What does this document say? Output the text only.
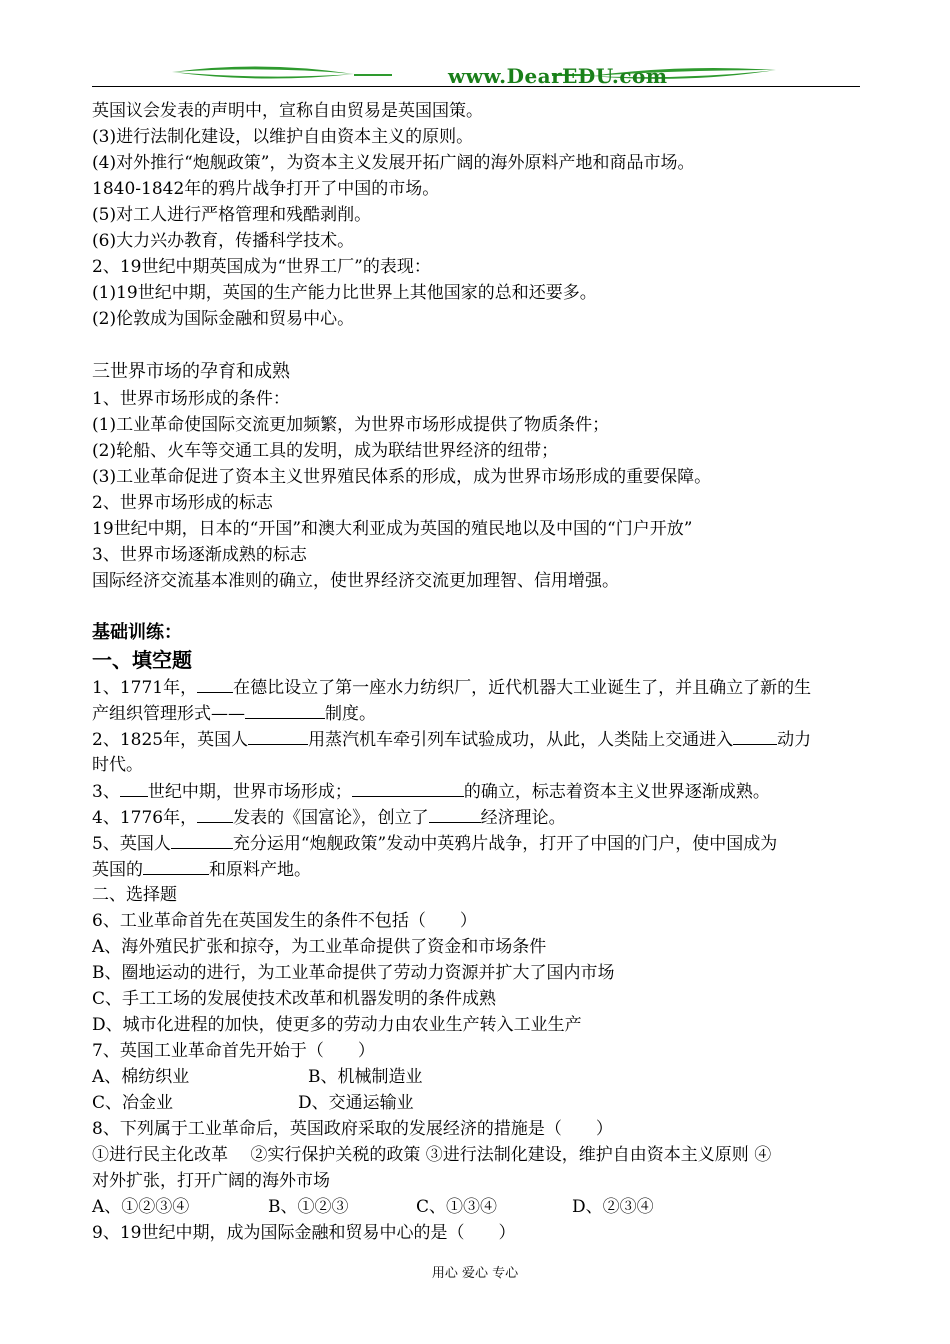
www.DearEDU.com
英国议会发表的声明中，宣称自由贸易是英国国策。
(3)进行法制化建设，以维护自由资本主义的原则。
(4)对外推行“炮舰政策”，为资本主义发展开拓广阔的海外原料产地和商品市场。
1840-1842年的鸦片战争打开了中国的市场。
(5)对工人进行严格管理和残酷剥削。
(6)大力兴办教育，传播科学技术。
2、19世纪中期英国成为“世界工厂”的表现：
(1)19世纪中期，英国的生产能力比世界上其他国家的总和还要多。
(2)伦敦成为国际金融和贸易中心。
三世界市场的孕育和成熟
1、世界市场形成的条件：
(1)工业革命使国际交流更加频繁，为世界市场形成提供了物质条件；
(2)轮船、火车等交通工具的发明，成为联结世界经济的纽带；
(3)工业革命促进了资本主义世界殖民体系的形成，成为世界市场形成的重要保障。
2、世界市场形成的标志
19世纪中期，日本的“开国”和澳大利亚成为英国的殖民地以及中国的“门户开放”
3、世界市场逐渐成熟的标志
国际经济交流基本准则的确立，使世界经济交流更加理智、信用增强。
基础训练：
一、填空题
1、1771年， 在德比设立了第一座水力纺织厂，近代机器大工业诞生了，并且确立了新的生
产组织管理形式——	制度。
2、1825年，英国人	用蒸汽机车牵引列车试验成功，从此，人类陆上交通进入	动力
时代。
3、 世纪中期，世界市场形成；	的确立，标志着资本主义世界逐渐成熟。
4、1776年， 发表的《国富论》，创立了	经济理论。
5、英国人	充分运用“炮舰政策”发动中英鸦片战争，打开了中国的门户，使中国成为
英国的	和原料产地。
二、选择题
6、工业革命首先在英国发生的条件不包括（　　）
A、海外殖民扩张和掠夺，为工业革命提供了资金和市场条件
B、圈地运动的进行，为工业革命提供了劳动力资源并扩大了国内市场
C、手工工场的发展使技术改革和机器发明的条件成熟
D、城市化进程的加快，使更多的劳动力由农业生产转入工业生产
7、英国工业革命首先开始于（　　）
A、棉纺织业	B、机械制造业
C、冶金业	D、交通运输业
8、下列属于工业革命后，英国政府采取的发展经济的措施是（　　）
①进行民主化改革　 ②实行保护关税的政策 ③进行法制化建设，维护自由资本主义原则 ④
对外扩张，打开广阔的海外市场
A、①②③④	B、①②③	C、①③④	D、②③④
9、19世纪中期，成为国际金融和贸易中心的是（　　）
用心 爱心 专心
